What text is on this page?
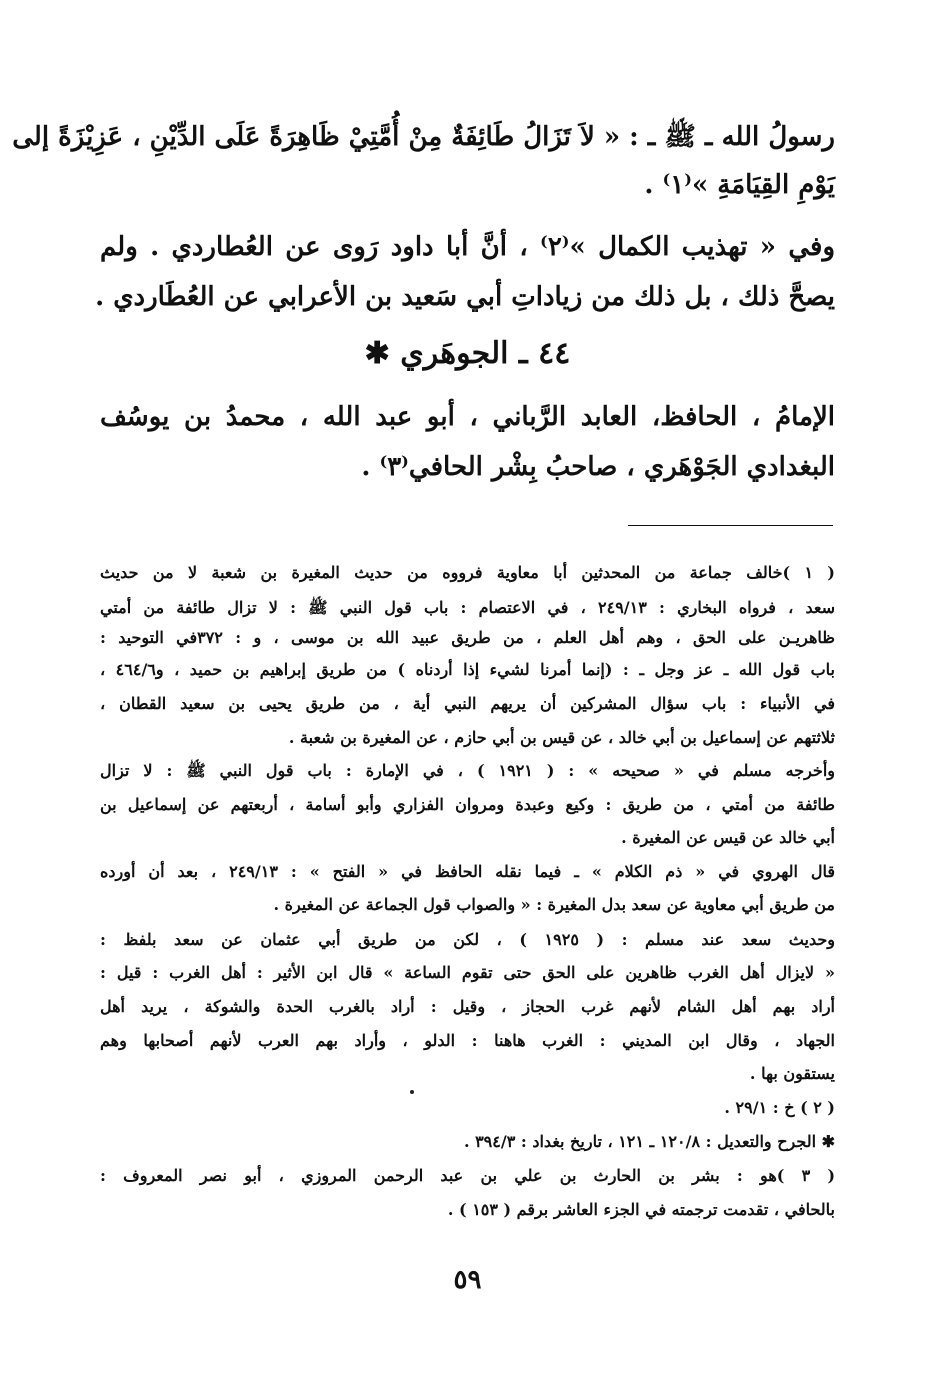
رسولُ الله ـ ﷺ ـ : « لاَ تَزَالُ طَائِفَةٌ مِنْ أُمَّتِيْ ظَاهِرَةً عَلَى الدِّيْنِ ، عَزِيْزَةً إلى
يَوْمِ القِيَامَةِ »⁽١⁾ .
وفي « تهذيب الكمال »⁽٢⁾ ، أنَّ أبا داود رَوى عن العُطاردي . ولم
يصحَّ ذلك ، بل ذلك من زياداتِ أبي سَعيد بن الأعرابي عن العُطَاردي .
٤٤ ـ الجوهَري ✱
الإمامُ ، الحافظ، العابد الرَّباني ، أبو عبد الله ، محمدُ بن يوسُف
البغدادي الجَوْهَري ، صاحبُ بِشْر الحافي⁽٣⁾ .
( ١ )خالف جماعة من المحدثين أبا معاوية فرووه من حديث المغيرة بن شعبة لا من حديث
سعد ، فرواه البخاري : ٢٤٩/١٣ ، في الاعتصام : باب قول النبي ﷺ : لا تزال طائفة من أمتي
ظاهريـن على الحق ، وهم أهل العلم ، من طريق عبيد الله بن موسى ، و : ٣٧٢في التوحيد :
باب قول الله ـ عز وجل ـ : (إنما أمرنا لشيء إذا أردناه ) من طريق إبراهيم بن حميد ، و٤٦٤/٦ ،
في الأنبياء : باب سؤال المشركين أن يريهم النبي أية ، من طريق يحيى بن سعيد القطان ،
ثلاثتهم عن إسماعيل بن أبي خالد ، عن قيس بن أبي حازم ، عن المغيرة بن شعبة .
وأخرجه مسلم في « صحيحه » : ( ١٩٢١ ) ، في الإمارة : باب قول النبي ﷺ : لا تزال
طائفة من أمتي ، من طريق : وكيع وعبدة ومروان الفزاري وأبو أسامة ، أربعتهم عن إسماعيل بن
أبي خالد عن قيس عن المغيرة .
قال الهروي في « ذم الكلام » ـ فيما نقله الحافظ في « الفتح » : ٢٤٩/١٣ ، بعد أن أورده
من طريق أبي معاوية عن سعد بدل المغيرة : « والصواب قول الجماعة عن المغيرة .
وحديث سعد عند مسلم : ( ١٩٢٥ ) ، لكن من طريق أبي عثمان عن سعد بلفظ :
« لايزال أهل الغرب ظاهرين على الحق حتى تقوم الساعة » قال ابن الأثير : أهل الغرب : قيل :
أراد بهم أهل الشام لأنهم غرب الحجاز ، وقيل : أراد بالغرب الحدة والشوكة ، يريد أهل
الجهاد ، وقال ابن المديني : الغرب هاهنا : الدلو ، وأراد بهم العرب لأنهم أصحابها وهم
يستقون بها .
( ٢ ) خ : ٢٩/١ .
✱ الجرح والتعديل : ١٢٠/٨ ـ ١٢١ ، تاريخ بغداد : ٣٩٤/٣ .
( ٣ )هو : بشر بن الحارث بن علي بن عبد الرحمن المروزي ، أبو نصر المعروف :
بالحافي ، تقدمت ترجمته في الجزء العاشر برقم ( ١٥٣ ) .
٥٩
